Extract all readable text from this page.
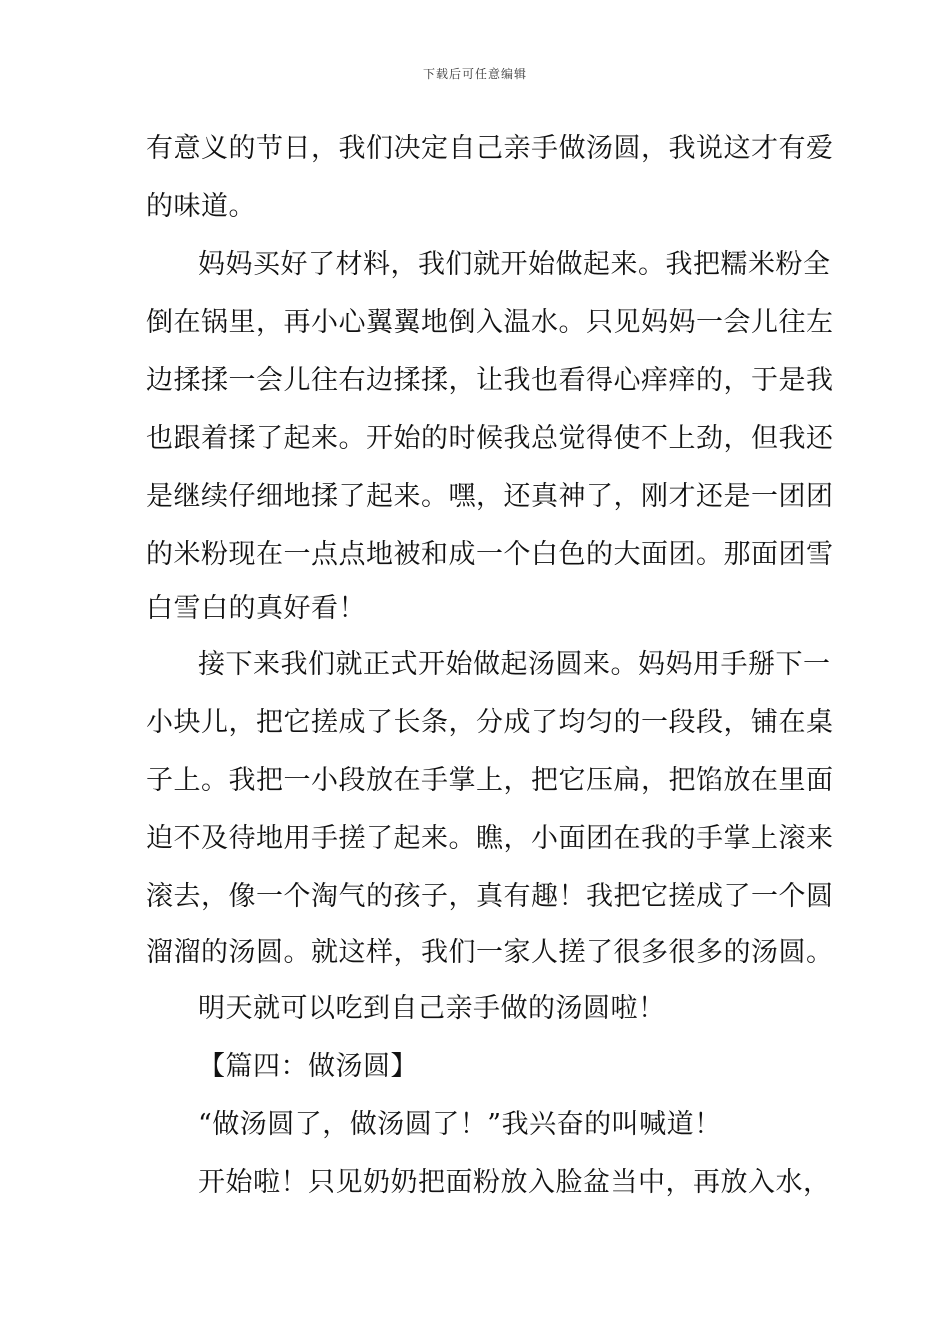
下载后可任意编辑
有意义的节日，我们决定自己亲手做汤圆，我说这才有爱
的味道。
妈妈买好了材料，我们就开始做起来。我把糯米粉全
倒在锅里，再小心翼翼地倒入温水。只见妈妈一会儿往左
边揉揉一会儿往右边揉揉，让我也看得心痒痒的，于是我
也跟着揉了起来。开始的时候我总觉得使不上劲，但我还
是继续仔细地揉了起来。嘿，还真神了，刚才还是一团团
的米粉现在一点点地被和成一个白色的大面团。那面团雪
白雪白的真好看！
接下来我们就正式开始做起汤圆来。妈妈用手掰下一
小块儿，把它搓成了长条，分成了均匀的一段段，铺在桌
子上。我把一小段放在手掌上，把它压扁，把馅放在里面
迫不及待地用手搓了起来。瞧，小面团在我的手掌上滚来
滚去，像一个淘气的孩子，真有趣！我把它搓成了一个圆
溜溜的汤圆。就这样，我们一家人搓了很多很多的汤圆。
明天就可以吃到自己亲手做的汤圆啦！
【篇四：做汤圆】
“做汤圆了，做汤圆了！”我兴奋的叫喊道！
开始啦！只见奶奶把面粉放入脸盆当中，再放入水，
